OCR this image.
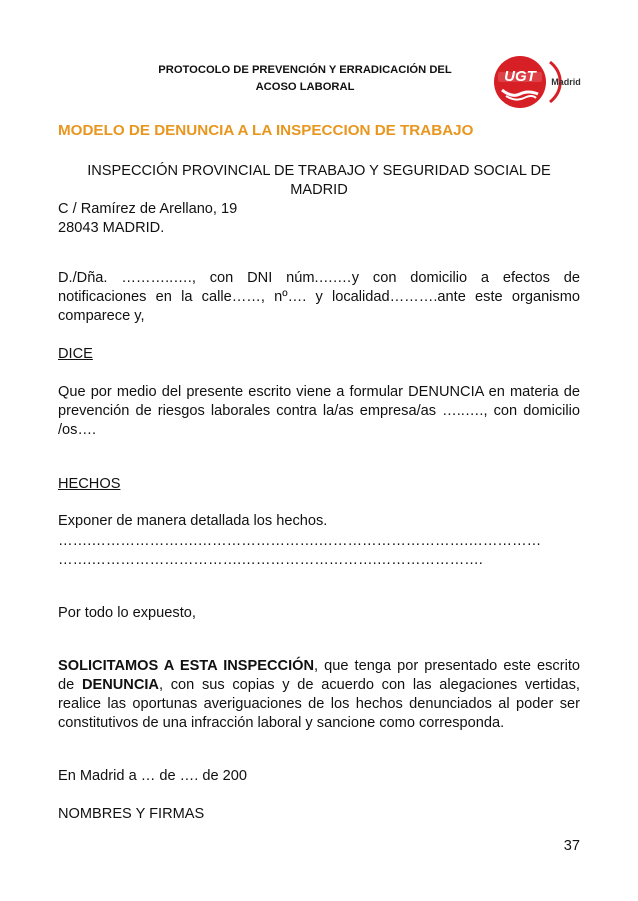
PROTOCOLO DE PREVENCIÓN Y ERRADICACIÓN DEL
ACOSO LABORAL
UGT Madrid
MODELO DE DENUNCIA A LA INSPECCION DE TRABAJO
INSPECCIÓN PROVINCIAL DE TRABAJO Y SEGURIDAD SOCIAL DE
MADRID
C / Ramírez de Arellano, 19
28043 MADRID.
D./Dña. ………..…., con DNI núm.….…y con domicilio a efectos de notificaciones en la calle……, nº…. y localidad……….ante este organismo comparece y,
DICE
Que por medio del presente escrito viene a formular DENUNCIA en materia de prevención de riesgos laborales contra la/as empresa/as …..…., con domicilio /os….
HECHOS
Exponer de manera detallada los hechos.
…….………………….…………………….………………………….……………
…….………………………….……………………….………………….
Por todo lo expuesto,
SOLICITAMOS A ESTA INSPECCIÓN, que tenga por presentado este escrito de DENUNCIA, con sus copias y de acuerdo con las alegaciones vertidas, realice las oportunas averiguaciones de los hechos denunciados al poder ser constitutivos de una infracción laboral y sancione como corresponda.
En Madrid a … de …. de 200
NOMBRES Y FIRMAS
37
